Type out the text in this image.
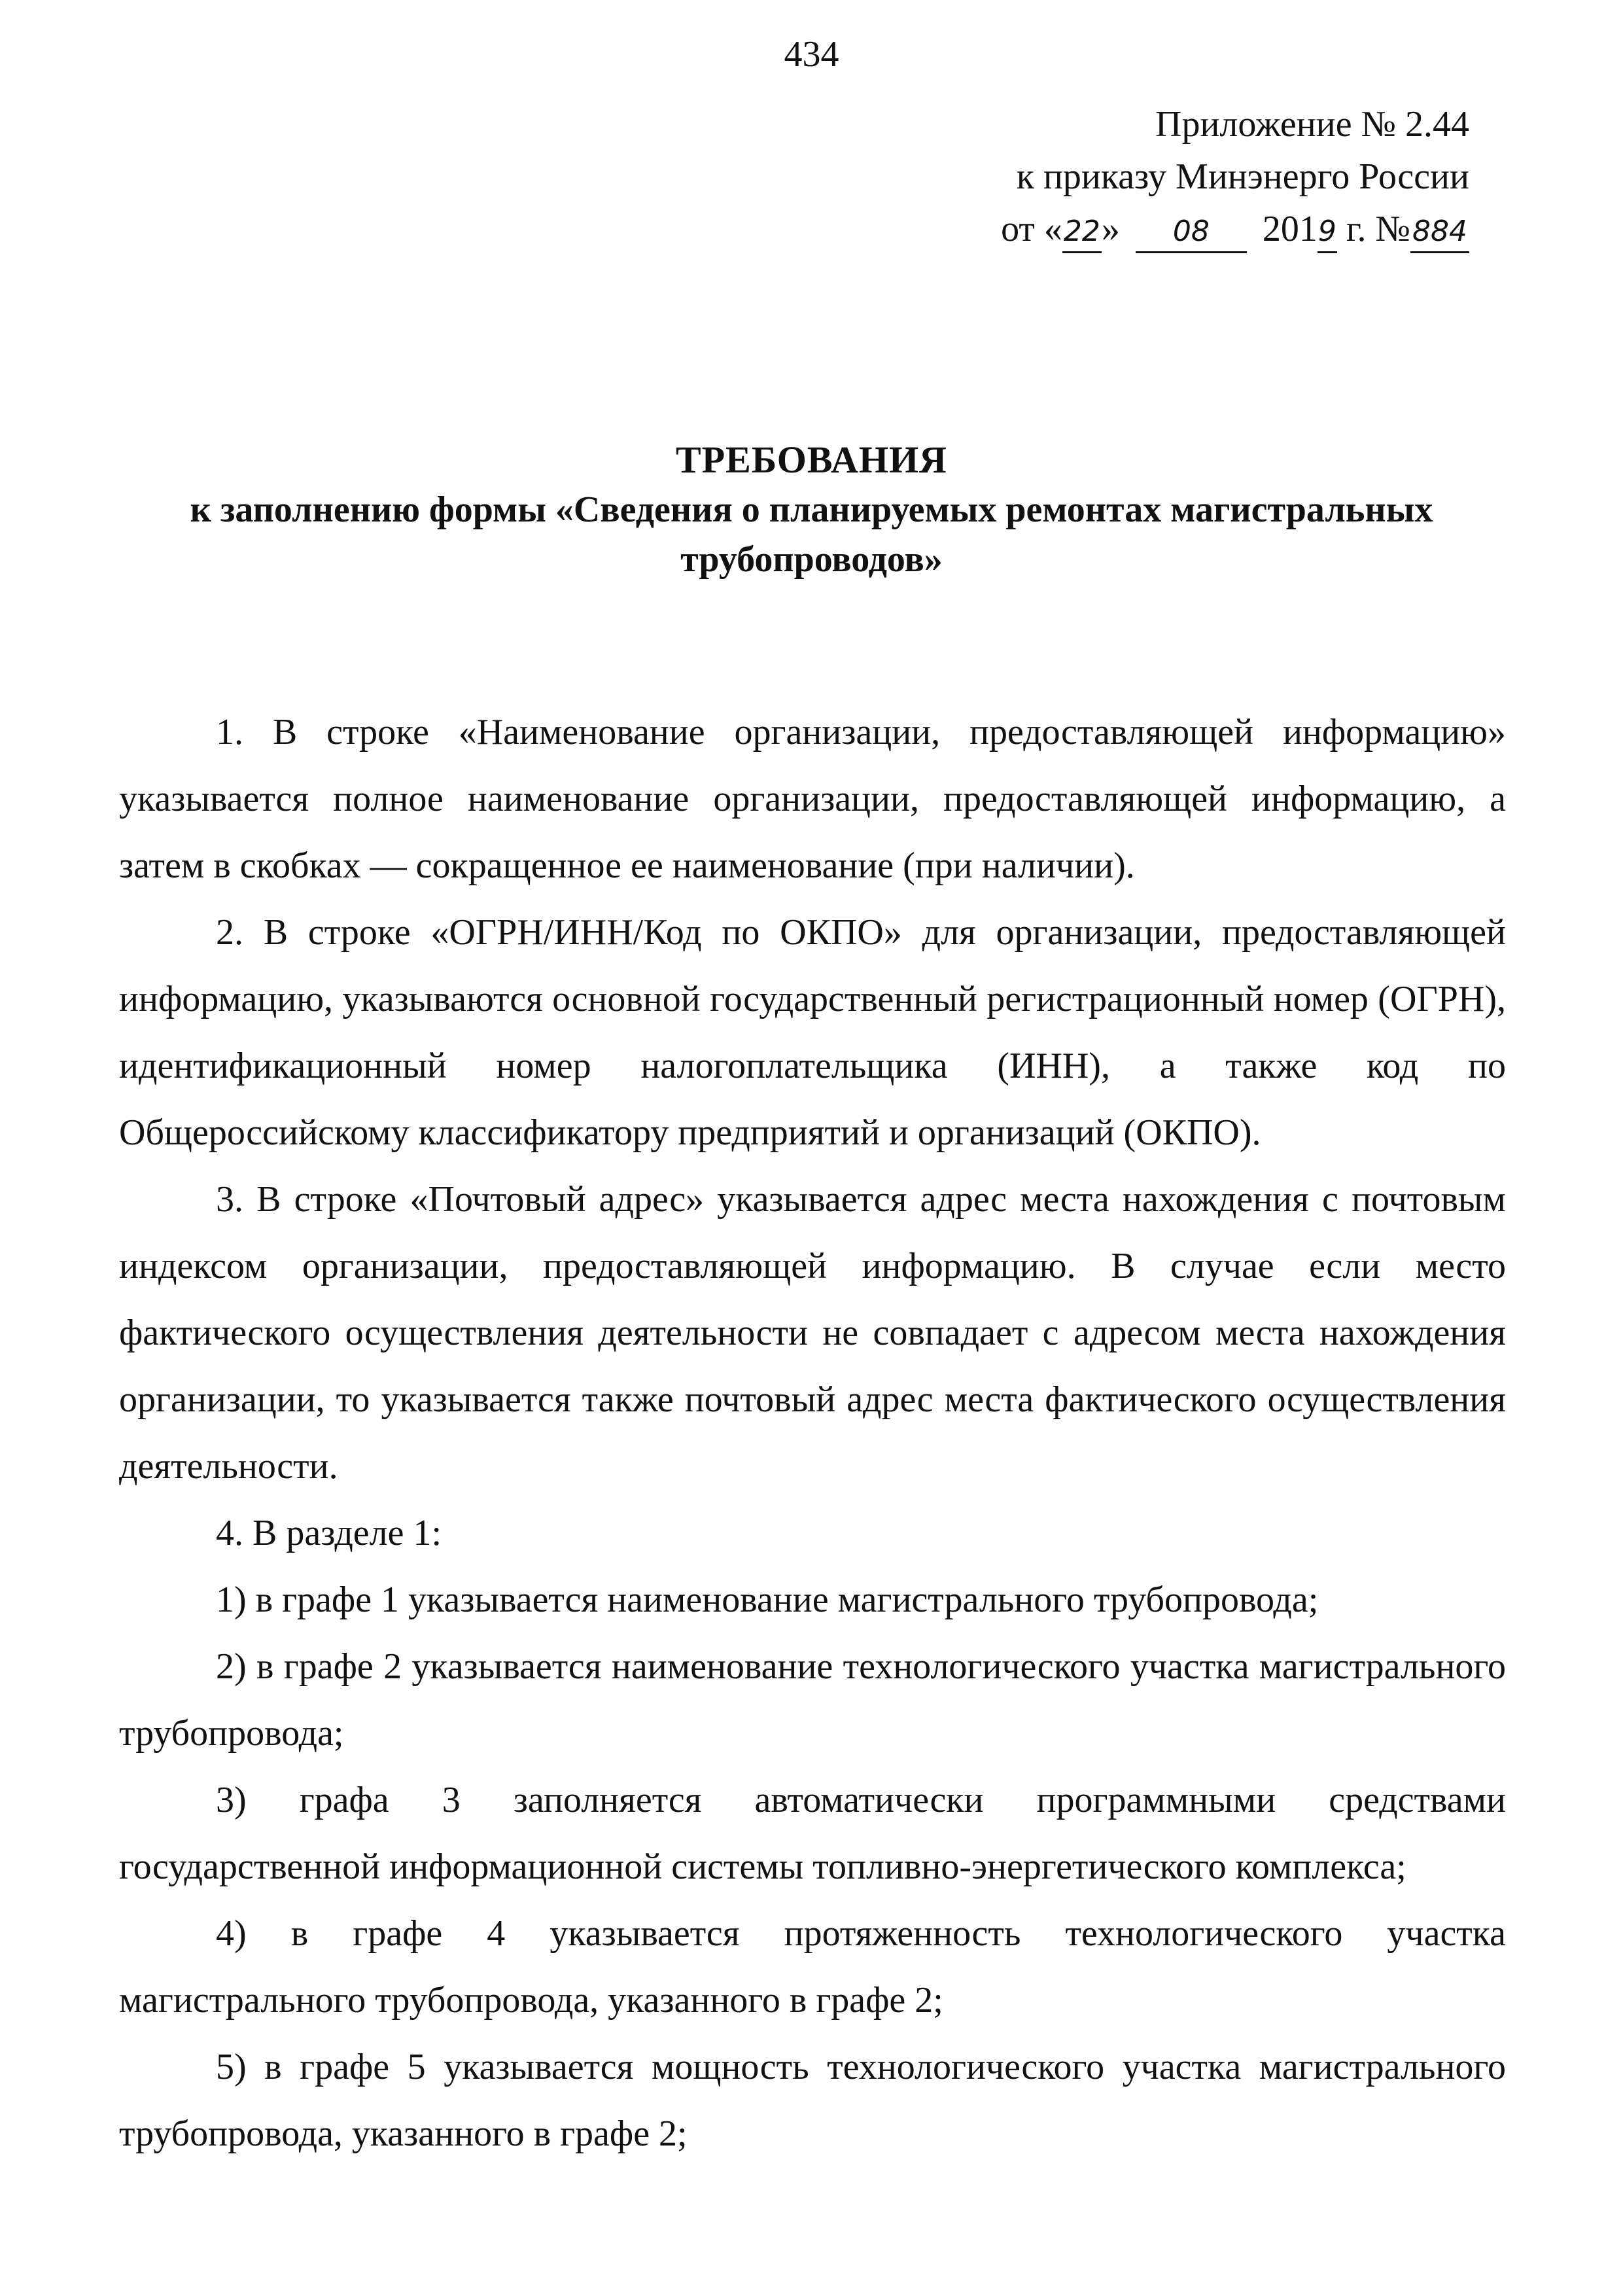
434
Приложение № 2.44
к приказу Минэнерго России
от «22» 08 2019 г. №884
ТРЕБОВАНИЯ
к заполнению формы «Сведения о планируемых ремонтах магистральных трубопроводов»

1. В строке «Наименование организации, предоставляющей информацию» указывается полное наименование организации, предоставляющей информацию, а затем в скобках — сокращенное ее наименование (при наличии).

2. В строке «ОГРН/ИНН/Код по ОКПО» для организации, предоставляющей информацию, указываются основной государственный регистрационный номер (ОГРН), идентификационный номер налогоплательщика (ИНН), а также код по Общероссийскому классификатору предприятий и организаций (ОКПО).

3. В строке «Почтовый адрес» указывается адрес места нахождения с почтовым индексом организации, предоставляющей информацию. В случае если место фактического осуществления деятельности не совпадает с адресом места нахождения организации, то указывается также почтовый адрес места фактического осуществления деятельности.

4. В разделе 1:

1) в графе 1 указывается наименование магистрального трубопровода;

2) в графе 2 указывается наименование технологического участка магистрального трубопровода;

3) графа 3 заполняется автоматически программными средствами государственной информационной системы топливно-энергетического комплекса;

4) в графе 4 указывается протяженность технологического участка магистрального трубопровода, указанного в графе 2;

5) в графе 5 указывается мощность технологического участка магистрального трубопровода, указанного в графе 2;
